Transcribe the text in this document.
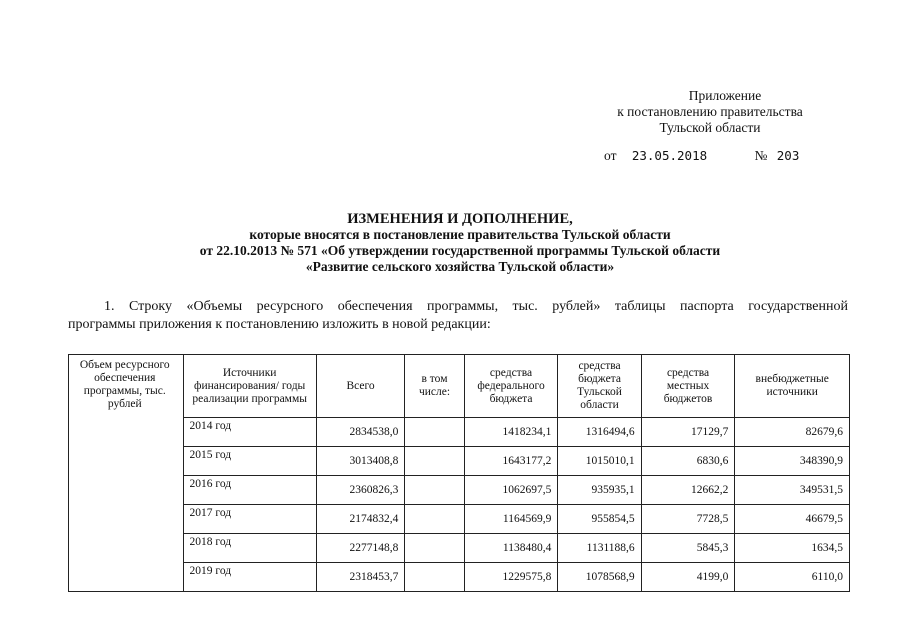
Приложение
к постановлению правительства
Тульской области
от 23.05.2018	№ 203
ИЗМЕНЕНИЯ И ДОПОЛНЕНИЕ,
которые вносятся в постановление правительства Тульской области
от 22.10.2013 № 571 «Об утверждении государственной программы Тульской области
«Развитие сельского хозяйства Тульской области»
1. Строку «Объемы ресурсного обеспечения программы, тыс. рублей» таблицы паспорта государственной
программы приложения к постановлению изложить в новой редакции:
Объем ресурсного обеспечения программы, тыс. рублей	Источники финансирования/ годы реализации программы	Всего	в том числе:	средства федерального бюджета	средства бюджета Тульской области	средства местных бюджетов	внебюджетные источники
	2014 год	2834538,0		1418234,1	1316494,6	17129,7	82679,6
	2015 год	3013408,8		1643177,2	1015010,1	6830,6	348390,9
	2016 год	2360826,3		1062697,5	935935,1	12662,2	349531,5
	2017 год	2174832,4		1164569,9	955854,5	7728,5	46679,5
	2018 год	2277148,8		1138480,4	1131188,6	5845,3	1634,5
	2019 год	2318453,7		1229575,8	1078568,9	4199,0	6110,0
